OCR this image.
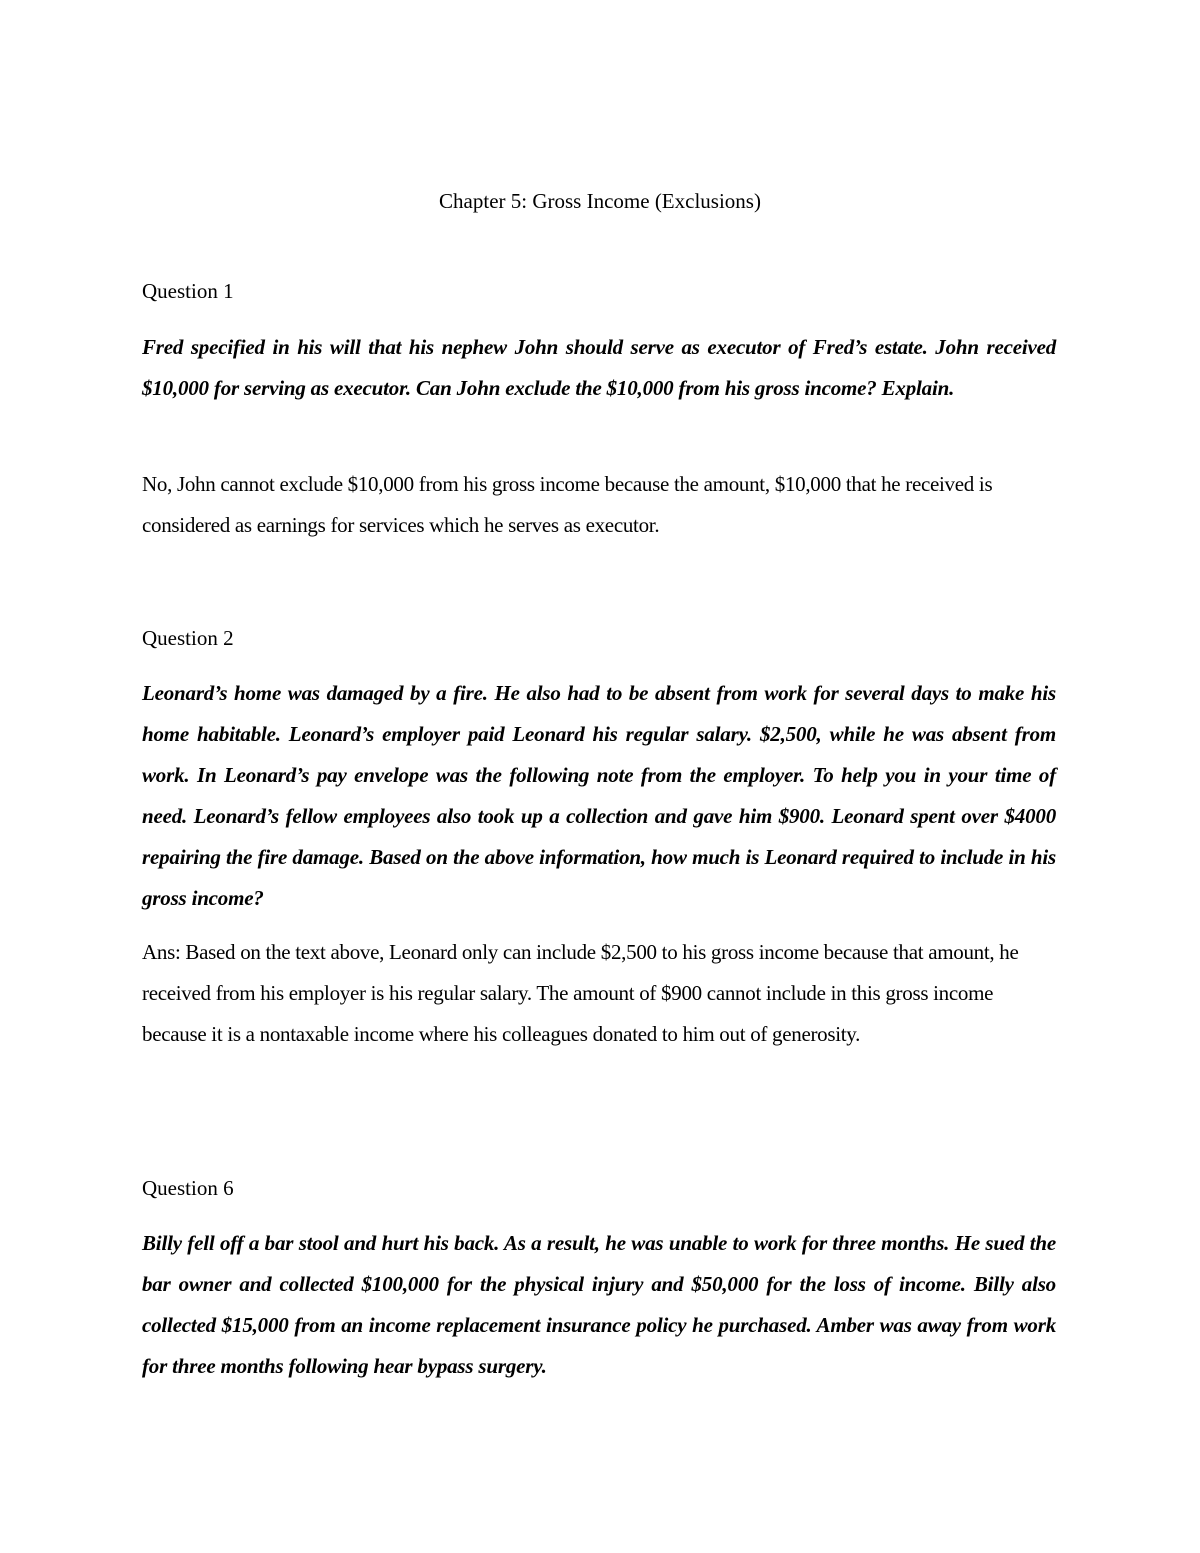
Chapter 5: Gross Income (Exclusions)

Question 1

Fred specified in his will that his nephew John should serve as executor of Fred’s estate. John received $10,000 for serving as executor. Can John exclude the $10,000 from his gross income? Explain.

No, John cannot exclude $10,000 from his gross income because the amount, $10,000 that he received is considered as earnings for services which he serves as executor.

Question 2

Leonard’s home was damaged by a fire. He also had to be absent from work for several days to make his home habitable. Leonard’s employer paid Leonard his regular salary. $2,500, while he was absent from work. In Leonard’s pay envelope was the following note from the employer. To help you in your time of need. Leonard’s fellow employees also took up a collection and gave him $900. Leonard spent over $4000 repairing the fire damage. Based on the above information, how much is Leonard required to include in his gross income?

Ans: Based on the text above, Leonard only can include $2,500 to his gross income because that amount, he received from his employer is his regular salary. The amount of $900 cannot include in this gross income because it is a nontaxable income where his colleagues donated to him out of generosity.

Question 6

Billy fell off a bar stool and hurt his back. As a result, he was unable to work for three months. He sued the bar owner and collected $100,000 for the physical injury and $50,000 for the loss of income. Billy also collected $15,000 from an income replacement insurance policy he purchased. Amber was away from work for three months following hear bypass surgery.
